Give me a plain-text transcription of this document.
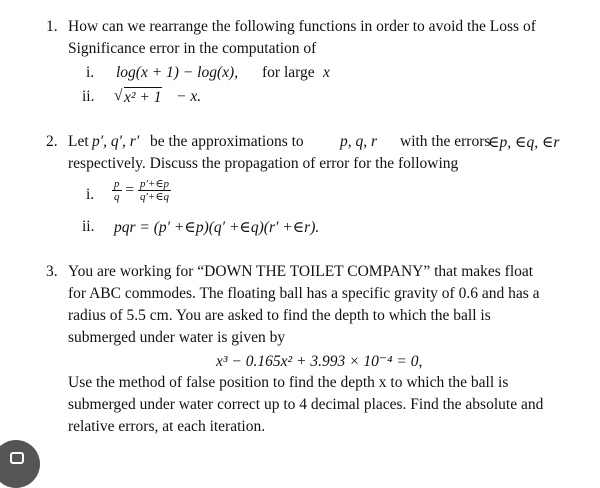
1. How can we rearrange the following functions in order to avoid the Loss of
Significance error in the computation of
i. log(x + 1) − log(x), for large x
ii. √ x² + 1 − x.
2. Let p′, q′, r′ be the approximations to p, q, r with the errors
∈p, ∈q, ∈r
respectively. Discuss the propagation of error for the following
i. $\frac{p}{q} = \frac{p'+\in p}{q'+\in q}$
ii. pqr = (p′ +∈p)(q′ +∈q)(r′ +∈r).
3. You are working for “DOWN THE TOILET COMPANY” that makes float
for ABC commodes. The floating ball has a specific gravity of 0.6 and has a
radius of 5.5 cm. You are asked to find the depth to which the ball is
submerged under water is given by
x³ − 0.165x² + 3.993 × 10⁻⁴ = 0,
Use the method of false position to find the depth x to which the ball is
submerged under water correct up to 4 decimal places. Find the absolute and
relative errors, at each iteration.
